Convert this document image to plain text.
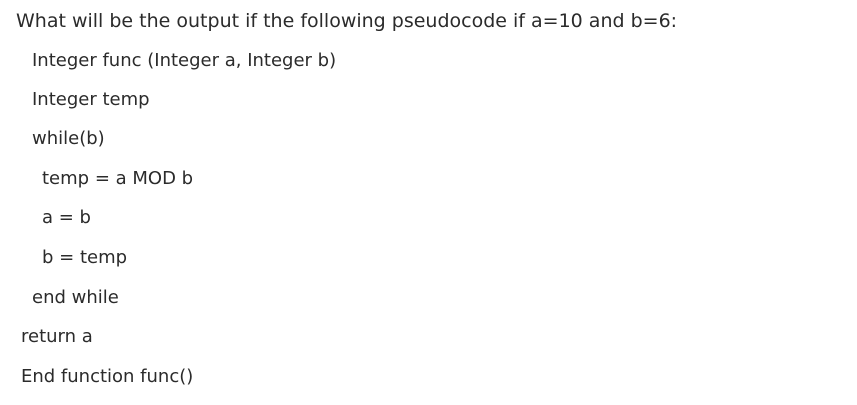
What will be the output if the following pseudocode if a=10 and b=6:
Integer func (Integer a, Integer b)
Integer temp
while(b)
temp = a MOD b
a = b
b = temp
end while
return a
End function func()
